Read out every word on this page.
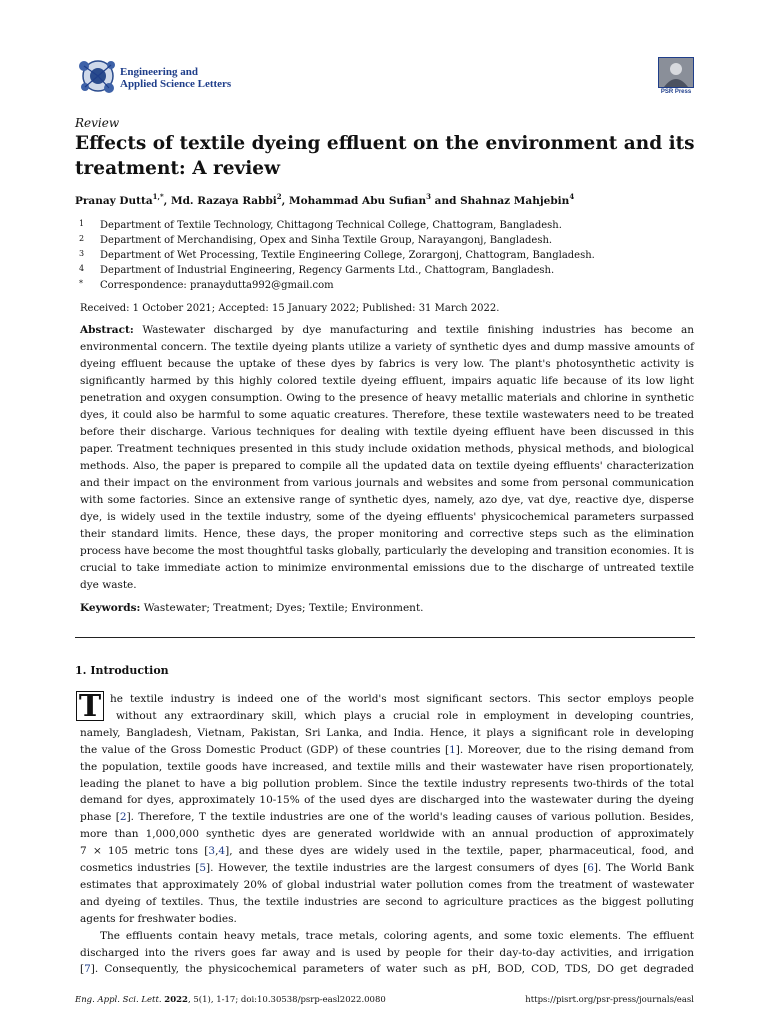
Engineering and
Applied Science Letters
PSR Press
Review
Effects of textile dyeing effluent on the environment and its treatment: A review
Pranay Dutta$^{1,*}$, Md. Razaya Rabbi$^2$, Mohammad Abu Sufian$^3$ and Shahnaz Mahjebin$^4$
1 Department of Textile Technology, Chittagong Technical College, Chattogram, Bangladesh.
2 Department of Merchandising, Opex and Sinha Textile Group, Narayangonj, Bangladesh.
3 Department of Wet Processing, Textile Engineering College, Zorargonj, Chattogram, Bangladesh.
4 Department of Industrial Engineering, Regency Garments Ltd., Chattogram, Bangladesh.
* Correspondence: pranaydutta992@gmail.com
Received: 1 October 2021; Accepted: 15 January 2022; Published: 31 March 2022.

Abstract: Wastewater discharged by dye manufacturing and textile finishing industries has become an environmental concern. The textile dyeing plants utilize a variety of synthetic dyes and dump massive amounts of dyeing effluent because the uptake of these dyes by fabrics is very low. The plant's photosynthetic activity is significantly harmed by this highly colored textile dyeing effluent, impairs aquatic life because of its low light penetration and oxygen consumption. Owing to the presence of heavy metallic materials and chlorine in synthetic dyes, it could also be harmful to some aquatic creatures. Therefore, these textile wastewaters need to be treated before their discharge. Various techniques for dealing with textile dyeing effluent have been discussed in this paper. Treatment techniques presented in this study include oxidation methods, physical methods, and biological methods. Also, the paper is prepared to compile all the updated data on textile dyeing effluents' characterization and their impact on the environment from various journals and websites and some from personal communication with some factories. Since an extensive range of synthetic dyes, namely, azo dye, vat dye, reactive dye, disperse dye, is widely used in the textile industry, some of the dyeing effluents' physicochemical parameters surpassed their standard limits. Hence, these days, the proper monitoring and corrective steps such as the elimination process have become the most thoughtful tasks globally, particularly the developing and transition economies. It is crucial to take immediate action to minimize environmental emissions due to the discharge of untreated textile dye waste.

Keywords: Wastewater; Treatment; Dyes; Textile; Environment.

1. Introduction
T he textile industry is indeed one of the world's most significant sectors. This sector employs people
without any extraordinary skill, which plays a crucial role in employment in developing countries,
namely, Bangladesh, Vietnam, Pakistan, Sri Lanka, and India. Hence, it plays a significant role in developing
the value of the Gross Domestic Product (GDP) of these countries [1]. Moreover, due to the rising demand from
the population, textile goods have increased, and textile mills and their wastewater have risen proportionately,
leading the planet to have a big pollution problem. Since the textile industry represents two-thirds of the total
demand for dyes, approximately 10-15% of the used dyes are discharged into the wastewater during the dyeing
phase [2]. Therefore, T the textile industries are one of the world's leading causes of various pollution. Besides,
more than 1,000,000 synthetic dyes are generated worldwide with an annual production of approximately
7 × 105 metric tons [3,4], and these dyes are widely used in the textile, paper, pharmaceutical, food, and
cosmetics industries [5]. However, the textile industries are the largest consumers of dyes [6]. The World Bank
estimates that approximately 20% of global industrial water pollution comes from the treatment of wastewater
and dyeing of textiles. Thus, the textile industries are second to agriculture practices as the biggest polluting
agents for freshwater bodies.
The effluents contain heavy metals, trace metals, coloring agents, and some toxic elements. The effluent
discharged into the rivers goes far away and is used by people for their day-to-day activities, and irrigation
[7]. Consequently, the physicochemical parameters of water such as pH, BOD, COD, TDS, DO get degraded
Eng. Appl. Sci. Lett. 2022, 5(1), 1-17; doi:10.30538/psrp-easl2022.0080	https://pisrt.org/psr-press/journals/easl
